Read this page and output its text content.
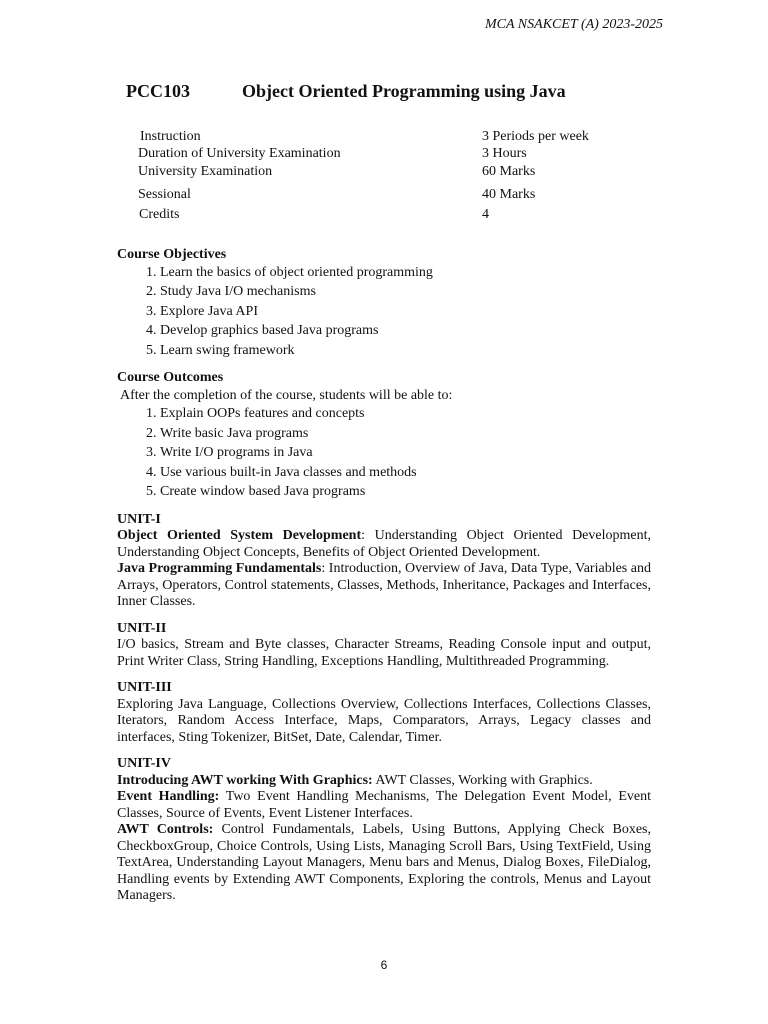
MCA NSAKCET (A) 2023-2025
PCC103	Object Oriented Programming using Java
Instruction	3 Periods per week
Duration of University Examination	3 Hours
University Examination	60 Marks
Sessional	40 Marks
Credits	4

Course Objectives

1. Learn the basics of object oriented programming
2. Study Java I/O mechanisms
3. Explore Java API
4. Develop graphics based Java programs
5. Learn swing framework

Course Outcomes

After the completion of the course, students will be able to:

1. Explain OOPs features and concepts
2. Write basic Java programs
3. Write I/O programs in Java
4. Use various built-in Java classes and methods
5. Create window based Java programs

UNIT-I

Object Oriented System Development: Understanding Object Oriented Development, Understanding Object Concepts, Benefits of Object Oriented Development.

Java Programming Fundamentals: Introduction, Overview of Java, Data Type, Variables and Arrays, Operators, Control statements, Classes, Methods, Inheritance, Packages and Interfaces, Inner Classes.

UNIT-II

I/O basics, Stream and Byte classes, Character Streams, Reading Console input and output, Print Writer Class, String Handling, Exceptions Handling, Multithreaded Programming.

UNIT-III

Exploring Java Language, Collections Overview, Collections Interfaces, Collections Classes, Iterators, Random Access Interface, Maps, Comparators, Arrays, Legacy classes and interfaces, Sting Tokenizer, BitSet, Date, Calendar, Timer.

UNIT-IV

Introducing AWT working With Graphics: AWT Classes, Working with Graphics.

Event Handling: Two Event Handling Mechanisms, The Delegation Event Model, Event Classes, Source of Events, Event Listener Interfaces.

AWT Controls: Control Fundamentals, Labels, Using Buttons, Applying Check Boxes, CheckboxGroup, Choice Controls, Using Lists, Managing Scroll Bars, Using TextField, Using TextArea, Understanding Layout Managers, Menu bars and Menus, Dialog Boxes, FileDialog, Handling events by Extending AWT Components, Exploring the controls, Menus and Layout Managers.

6
